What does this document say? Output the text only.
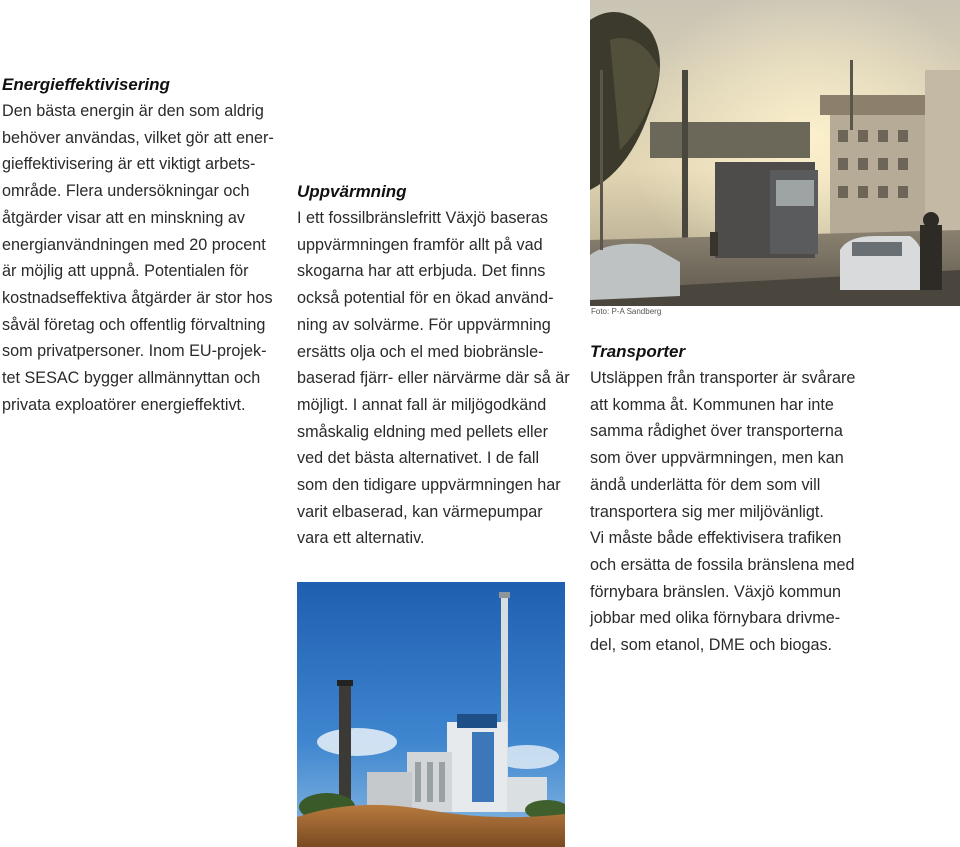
Foto: P-A Sandberg

Energieffektivisering

Den bästa energin är den som aldrig
behöver användas, vilket gör att ener-
gieffektivisering är ett viktigt arbets-
område. Flera undersökningar och
åtgärder visar att en minskning av
energianvändningen med 20 procent
är möjlig att uppnå. Potentialen för
kostnadseffektiva åtgärder är stor hos
såväl företag och offentlig förvaltning
som privatpersoner. Inom EU-projek-
tet SESAC bygger allmännyttan och
privata exploatörer energieffektivt.

Uppvärmning

I ett fossilbränslefritt Växjö baseras
uppvärmningen framför allt på vad
skogarna har att erbjuda. Det finns
också potential för en ökad använd-
ning av solvärme. För uppvärmning
ersätts olja och el med biobränsle-
baserad fjärr- eller närvärme där så är
möjligt. I annat fall är miljögodkänd
småskalig eldning med pellets eller
ved det bästa alternativet. I de fall
som den tidigare uppvärmningen har
varit elbaserad, kan värmepumpar
vara ett alternativ.

Transporter

Utsläppen från transporter är svårare
att komma åt. Kommunen har inte
samma rådighet över transporterna
som över uppvärmningen, men kan
ändå underlätta för dem som vill
transportera sig mer miljövänligt.
Vi måste både effektivisera trafiken
och ersätta de fossila bränslena med
förnybara bränslen. Växjö kommun
jobbar med olika förnybara drivme-
del, som etanol, DME och biogas.
